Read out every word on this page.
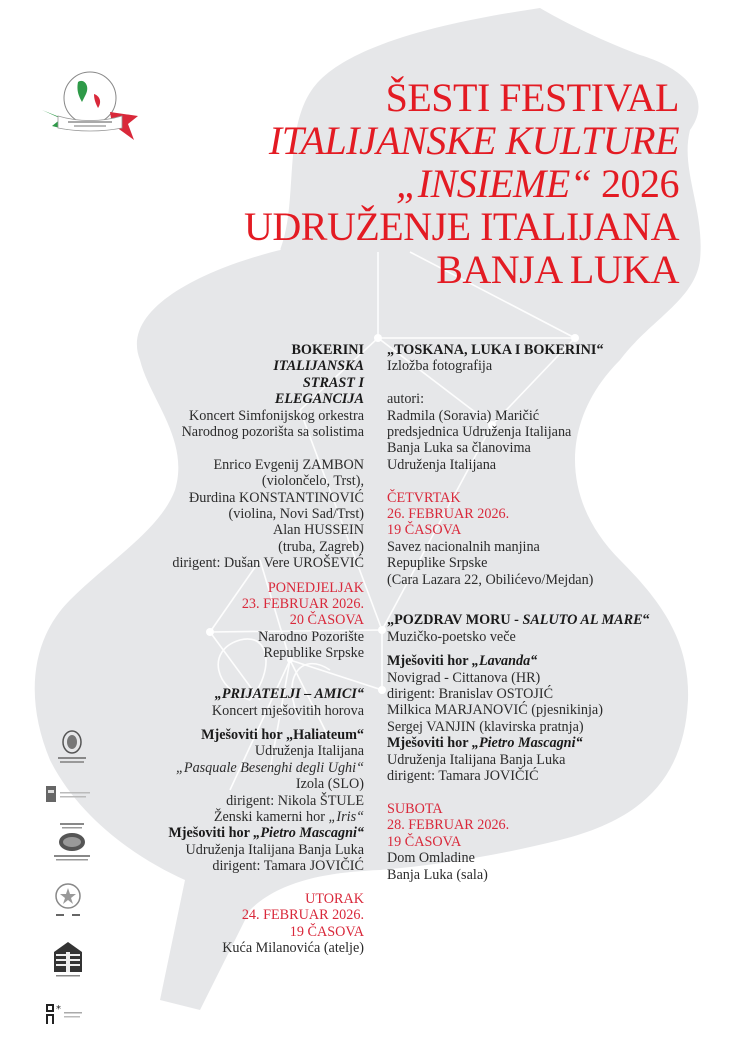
ŠESTI FESTIVAL
ITALIJANSKE KULTURE
„INSIEME“ 2026
UDRUŽENJE ITALIJANA
BANJA LUKA
BOKERINI
ITALIJANSKA
STRAST I
ELEGANCIJA
Koncert Simfonijskog orkestra
Narodnog pozorišta sa solistima
Enrico Evgenij ZAMBON
(violončelo, Trst),
Đurdina KONSTANTINOVIĆ
(violina, Novi Sad/Trst)
Alan HUSSEIN
(truba, Zagreb)
dirigent: Dušan Vere UROŠEVIĆ
PONEDJELJAK
23. FEBRUAR 2026.
20 ČASOVA
Narodno Pozorište
Republike Srpske
„PRIJATELJI – AMICI“
Koncert mješovitih horova
Mješoviti hor „Haliateum“
Udruženja Italijana
„Pasquale Besenghi degli Ughi“
Izola (SLO)
dirigent: Nikola ŠTULE
Ženski kamerni hor „Iris“
Mješoviti hor „Pietro Mascagni“
Udruženja Italijana Banja Luka
dirigent: Tamara JOVIČIĆ
UTORAK
24. FEBRUAR 2026.
19 ČASOVA
Kuća Milanovića (atelje)
„TOSKANA, LUKA I BOKERINI“
Izložba fotografija
autori:
Radmila (Soravia) Maričić
predsjednica Udruženja Italijana
Banja Luka sa članovima
Udruženja Italijana
ČETVRTAK
26. FEBRUAR 2026.
19 ČASOVA
Savez nacionalnih manjina
Repuplike Srpske
(Cara Lazara 22, Obilićevo/Mejdan)
„POZDRAV MORU - SALUTO AL MARE“
Muzičko-poetsko veče
Mješoviti hor „Lavanda“
Novigrad - Cittanova (HR)
dirigent: Branislav OSTOJIĆ
Milkica MARJANOVIĆ (pjesnikinja)
Sergej VANJIN (klavirska pratnja)
Mješoviti hor „Pietro Mascagni“
Udruženja Italijana Banja Luka
dirigent: Tamara JOVIČIĆ
SUBOTA
28. FEBRUAR 2026.
19 ČASOVA
Dom Omladine
Banja Luka (sala)
*
